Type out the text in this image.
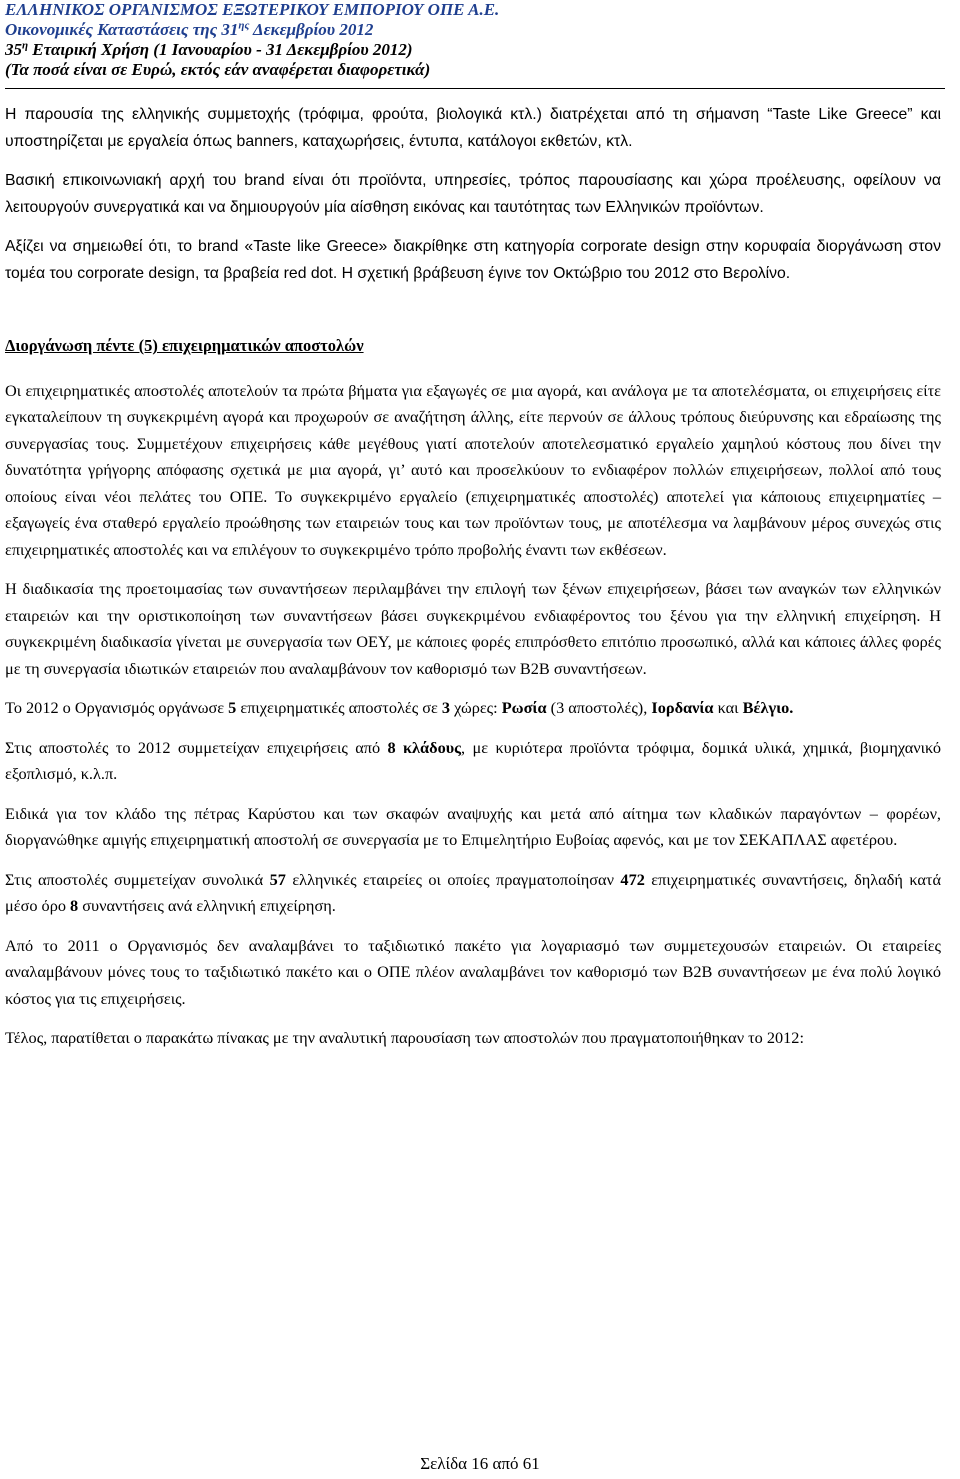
ΕΛΛΗΝΙΚΟΣ ΟΡΓΑΝΙΣΜΟΣ ΕΞΩΤΕΡΙΚΟΥ ΕΜΠΟΡΙΟΥ ΟΠΕ Α.Ε.
Οικονομικές Καταστάσεις της $31^{\eta\varsigma}$ Δεκεμβρίου 2012
$35^\eta$ Εταιρική Χρήση (1 Ιανουαρίου - 31 Δεκεμβρίου 2012)
(Τα ποσά είναι σε Ευρώ, εκτός εάν αναφέρεται διαφορετικά)

Η παρουσία της ελληνικής συμμετοχής (τρόφιμα, φρούτα, βιολογικά κτλ.) διατρέχεται από τη σήμανση “Taste Like Greece” και υποστηρίζεται με εργαλεία όπως banners, καταχωρήσεις, έντυπα, κατάλογοι εκθετών, κτλ.

Βασική επικοινωνιακή αρχή του brand είναι ότι προϊόντα, υπηρεσίες, τρόπος παρουσίασης και χώρα προέλευσης, οφείλουν να λειτουργούν συνεργατικά και να δημιουργούν μία αίσθηση εικόνας και ταυτότητας των Ελληνικών προϊόντων.

Αξίζει να σημειωθεί ότι, το brand «Taste like Greece» διακρίθηκε στη κατηγορία corporate design στην κορυφαία διοργάνωση στον τομέα του corporate design, τα βραβεία red dot. Η σχετική βράβευση έγινε τον Οκτώβριο του 2012 στο Βερολίνο.

Διοργάνωση πέντε (5) επιχειρηματικών αποστολών

Οι επιχειρηματικές αποστολές αποτελούν τα πρώτα βήματα για εξαγωγές σε μια αγορά, και ανάλογα με τα αποτελέσματα, οι επιχειρήσεις είτε εγκαταλείπουν τη συγκεκριμένη αγορά και προχωρούν σε αναζήτηση άλλης, είτε περνούν σε άλλους τρόπους διεύρυνσης και εδραίωσης της συνεργασίας τους. Συμμετέχουν επιχειρήσεις κάθε μεγέθους γιατί αποτελούν αποτελεσματικό εργαλείο χαμηλού κόστους που δίνει την δυνατότητα γρήγορης απόφασης σχετικά με μια αγορά, γι’ αυτό και προσελκύουν το ενδιαφέρον πολλών επιχειρήσεων, πολλοί από τους οποίους είναι νέοι πελάτες του ΟΠΕ. Το συγκεκριμένο εργαλείο (επιχειρηματικές αποστολές) αποτελεί για κάποιους επιχειρηματίες – εξαγωγείς ένα σταθερό εργαλείο προώθησης των εταιρειών τους και των προϊόντων τους, με αποτέλεσμα να λαμβάνουν μέρος συνεχώς στις επιχειρηματικές αποστολές και να επιλέγουν το συγκεκριμένο τρόπο προβολής έναντι των εκθέσεων.

Η διαδικασία της προετοιμασίας των συναντήσεων περιλαμβάνει την επιλογή των ξένων επιχειρήσεων, βάσει των αναγκών των ελληνικών εταιρειών και την οριστικοποίηση των συναντήσεων βάσει συγκεκριμένου ενδιαφέροντος του ξένου για την ελληνική επιχείρηση. Η συγκεκριμένη διαδικασία γίνεται με συνεργασία των ΟΕΥ, με κάποιες φορές επιπρόσθετο επιτόπιο προσωπικό, αλλά και κάποιες άλλες φορές με τη συνεργασία ιδιωτικών εταιρειών που αναλαμβάνουν τον καθορισμό των Β2Β συναντήσεων.

Το 2012 ο Οργανισμός οργάνωσε 5 επιχειρηματικές αποστολές σε 3 χώρες: Ρωσία (3 αποστολές), Ιορδανία και Βέλγιο.

Στις αποστολές το 2012 συμμετείχαν επιχειρήσεις από 8 κλάδους, με κυριότερα προϊόντα τρόφιμα, δομικά υλικά, χημικά, βιομηχανικό εξοπλισμό, κ.λ.π.

Ειδικά για τον κλάδο της πέτρας Καρύστου και των σκαφών αναψυχής και μετά από αίτημα των κλαδικών παραγόντων – φορέων, διοργανώθηκε αμιγής επιχειρηματική αποστολή σε συνεργασία με το Επιμελητήριο Ευβοίας αφενός, και με τον ΣΕΚΑΠΛΑΣ αφετέρου.

Στις αποστολές συμμετείχαν συνολικά 57 ελληνικές εταιρείες οι οποίες πραγματοποίησαν 472 επιχειρηματικές συναντήσεις, δηλαδή κατά μέσο όρο 8 συναντήσεις ανά ελληνική επιχείρηση.

Από το 2011 ο Οργανισμός δεν αναλαμβάνει το ταξιδιωτικό πακέτο για λογαριασμό των συμμετεχουσών εταιρειών. Οι εταιρείες αναλαμβάνουν μόνες τους το ταξιδιωτικό πακέτο και ο ΟΠΕ πλέον αναλαμβάνει τον καθορισμό των Β2Β συναντήσεων με ένα πολύ λογικό κόστος για τις επιχειρήσεις.

Τέλος, παρατίθεται ο παρακάτω πίνακας με την αναλυτική παρουσίαση των αποστολών που πραγματοποιήθηκαν το 2012:

Σελίδα 16 από 61
